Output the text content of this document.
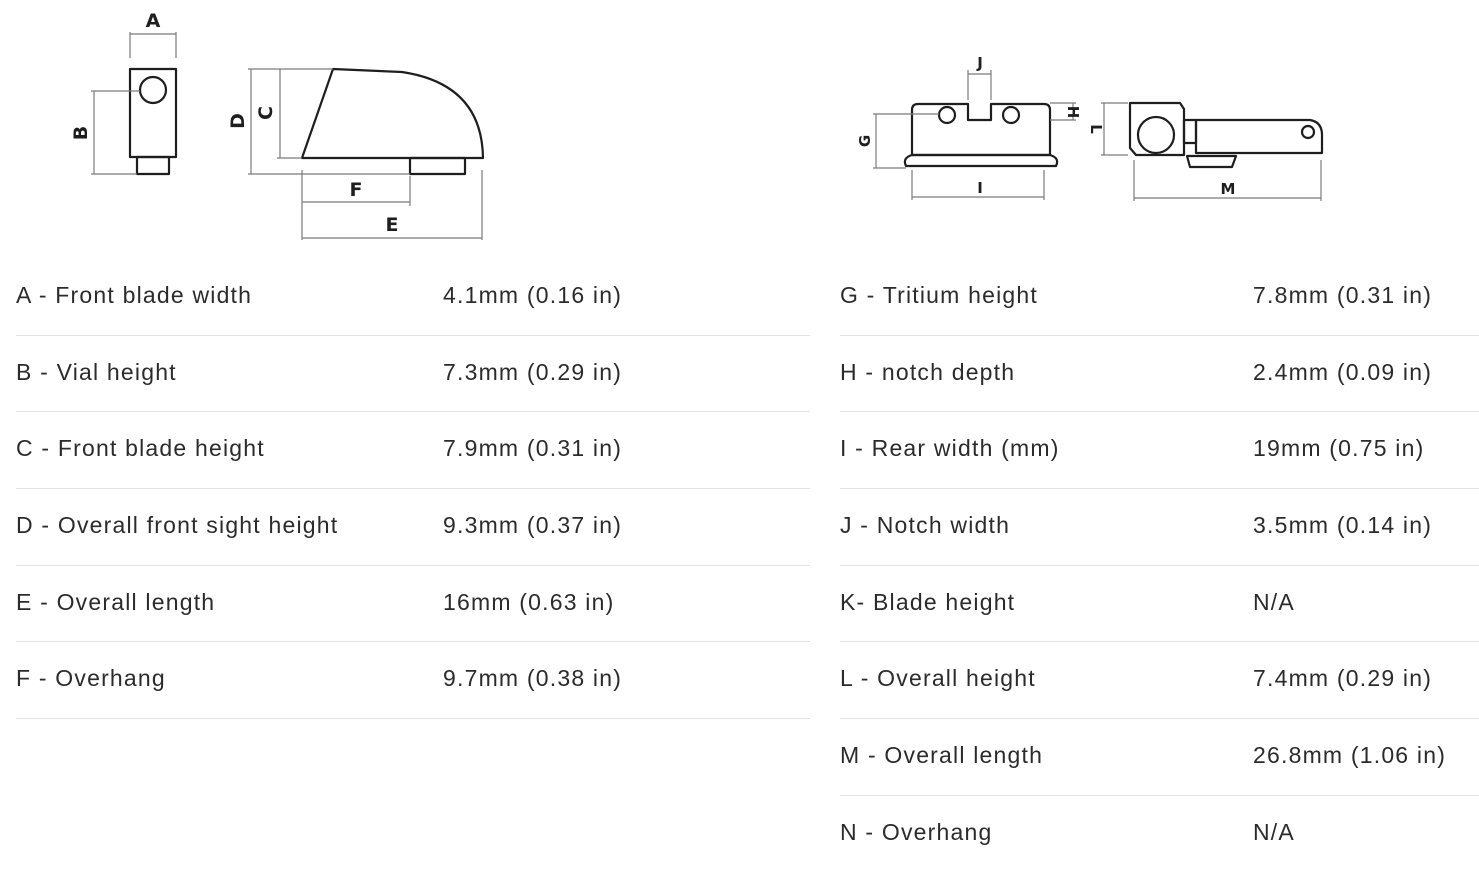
A
B
D
C
F
E
J
H
G
I
L
M
A - Front blade width	4.1mm (0.16 in)
B - Vial height	7.3mm (0.29 in)
C - Front blade height	7.9mm (0.31 in)
D - Overall front sight height	9.3mm (0.37 in)
E - Overall length	16mm (0.63 in)
F - Overhang	9.7mm (0.38 in)
G - Tritium height	7.8mm (0.31 in)
H - notch depth	2.4mm (0.09 in)
I - Rear width (mm)	19mm (0.75 in)
J - Notch width	3.5mm (0.14 in)
K- Blade height	N/A
L - Overall height	7.4mm (0.29 in)
M - Overall length	26.8mm (1.06 in)
N - Overhang	N/A
